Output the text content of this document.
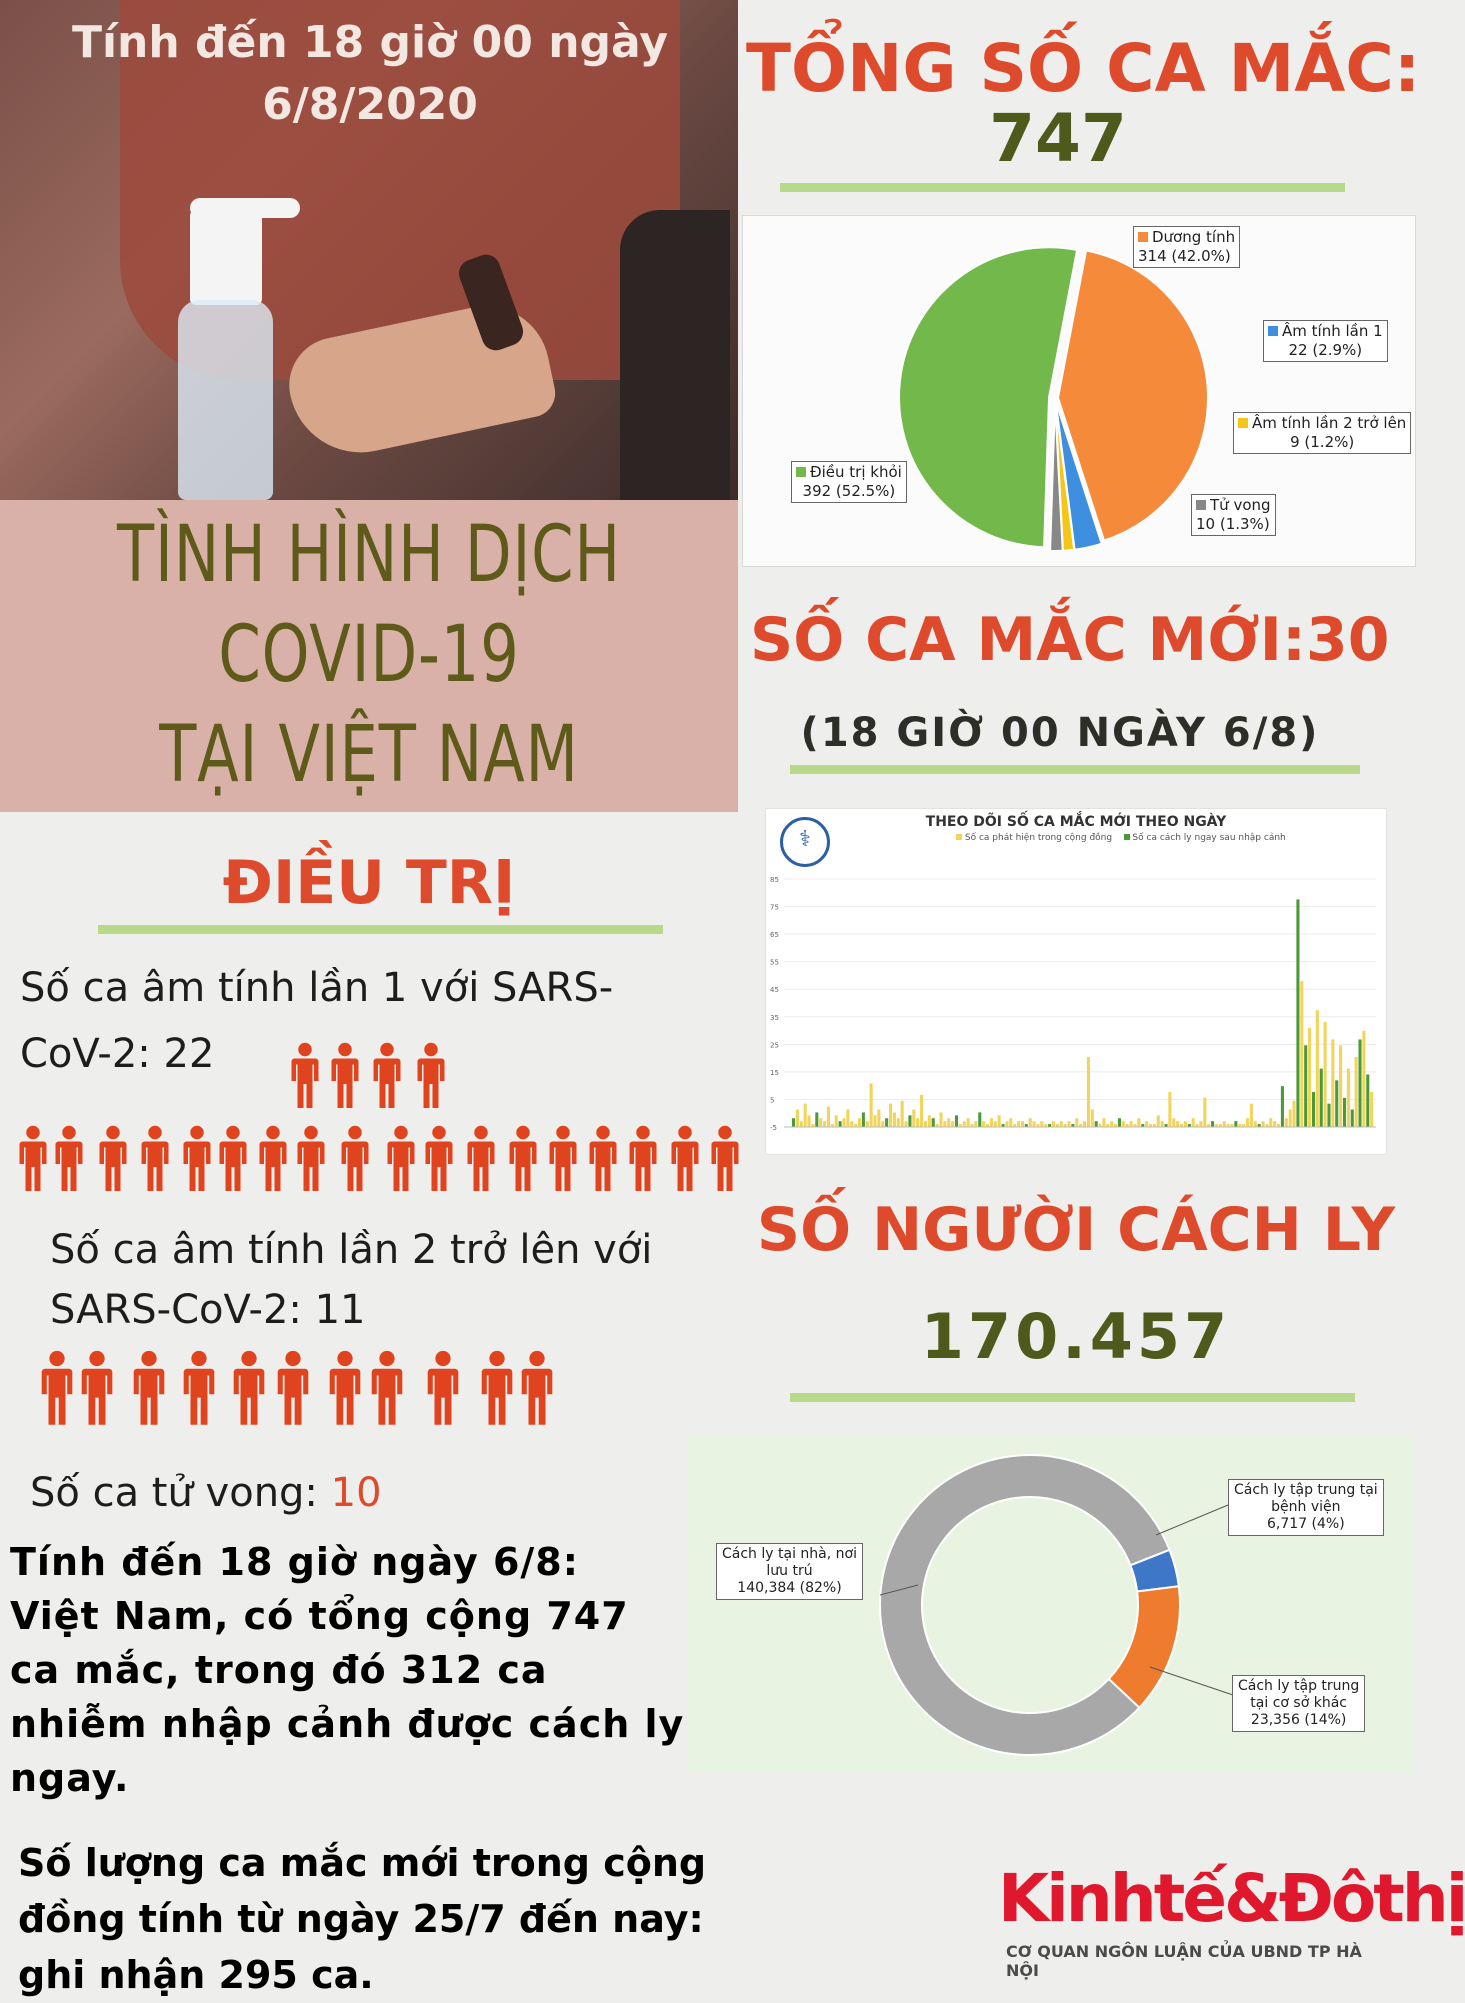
Tính đến 18 giờ 00 ngày
6/8/2020
TÌNH HÌNH DỊCH
COVID-19
TẠI VIỆT NAM
TỔNG SỐ CA MẮC:
747
Dương tính
314 (42.0%)
Âm tính lần 1
22 (2.9%)
Âm tính lần 2 trở lên
9 (1.2%)
Tử vong
10 (1.3%)
Điều trị khỏi
392 (52.5%)
SỐ CA MẮC MỚI:30
(18 GIỜ 00 NGÀY 6/8)
-5
5
15
25
35
45
55
65
75
85
⚕
THEO DÕI SỐ CA MẮC MỚI THEO NGÀY
Số ca phát hiện trong cộng đồng Số ca cách ly ngay sau nhập cảnh
SỐ NGƯỜI CÁCH LY
170.457
Cách ly tại nhà, nơi
lưu trú
140,384 (82%)
Cách ly tập trung tại
bệnh viện
6,717 (4%)
Cách ly tập trung
tại cơ sở khác
23,356 (14%)
ĐIỀU TRỊ
Số ca âm tính lần 1 với SARS-
CoV-2: 22
Số ca âm tính lần 2 trở lên với
SARS-CoV-2: 11
Số ca tử vong: 10
Tính đến 18 giờ ngày 6/8:
Việt Nam, có tổng cộng 747
ca mắc, trong đó 312 ca
nhiễm nhập cảnh được cách ly
ngay.
Số lượng ca mắc mới trong cộng
đồng tính từ ngày 25/7 đến nay:
ghi nhận 295 ca.
Kinhtế&Đôthị
CƠ QUAN NGÔN LUẬN CỦA UBND TP HÀ NỘI
